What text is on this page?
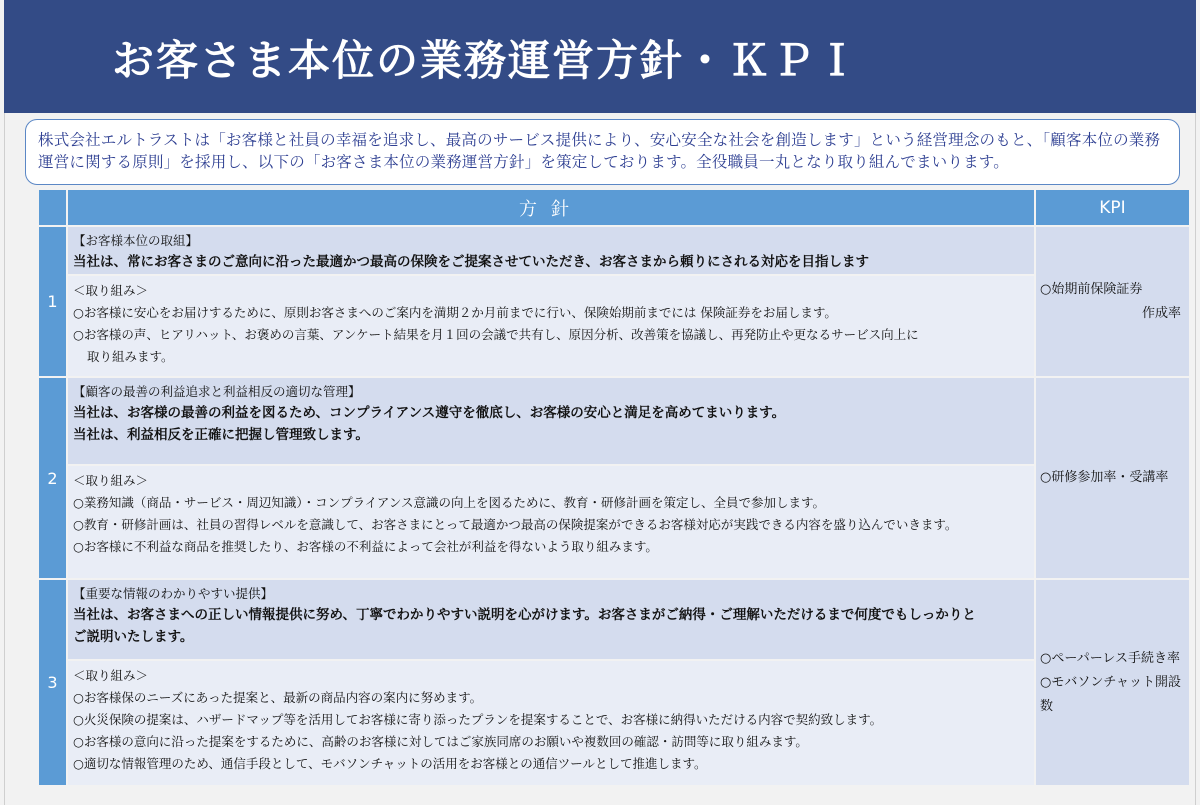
お客さま本位の業務運営方針・ＫＰＩ
株式会社エルトラストは「お客様と社員の幸福を追求し、最高のサービス提供により、安心安全な社会を創造します」という経営理念のもと、「顧客本位の業務運営に関する原則」を採用し、以下の「お客さま本位の業務運営方針」を策定しております。全役職員一丸となり取り組んでまいります。
方針	KPI
1
【お客様本位の取組】
当社は、常にお客さまのご意向に沿った最適かつ最高の保険をご提案させていただき、お客さまから頼りにされる対応を目指します
＜取り組み＞
○お客様に安心をお届けするために、原則お客さまへのご案内を満期２か月前までに行い、保険始期前までには 保険証券をお届します。
○お客様の声、ヒアリハット、お褒めの言葉、アンケート結果を月１回の会議で共有し、原因分析、改善策を協議し、再発防止や更なるサービス向上に
取り組みます。
○始期前保険証券
作成率
2
【顧客の最善の利益追求と利益相反の適切な管理】
当社は、お客様の最善の利益を図るため、コンプライアンス遵守を徹底し、お客様の安心と満足を高めてまいります。
当社は、利益相反を正確に把握し管理致します。
＜取り組み＞
○業務知識（商品・サービス・周辺知識）・コンプライアンス意識の向上を図るために、教育・研修計画を策定し、全員で参加します。
○教育・研修計画は、社員の習得レベルを意識して、お客さまにとって最適かつ最高の保険提案ができるお客様対応が実践できる内容を盛り込んでいきます。
○お客様に不利益な商品を推奨したり、お客様の不利益によって会社が利益を得ないよう取り組みます。
○研修参加率・受講率
3
【重要な情報のわかりやすい提供】
当社は、お客さまへの正しい情報提供に努め、丁寧でわかりやすい説明を心がけます。お客さまがご納得・ご理解いただけるまで何度でもしっかりと
ご説明いたします。
＜取り組み＞
○お客様保のニーズにあった提案と、最新の商品内容の案内に努めます。
○火災保険の提案は、ハザードマップ等を活用してお客様に寄り添ったプランを提案することで、お客様に納得いただける内容で契約致します。
○お客様の意向に沿った提案をするために、高齢のお客様に対してはご家族同席のお願いや複数回の確認・訪問等に取り組みます。
○適切な情報管理のため、通信手段として、モバソンチャットの活用をお客様との通信ツールとして推進します。
○ペーパーレス手続き率
○モバソンチャット開設数
